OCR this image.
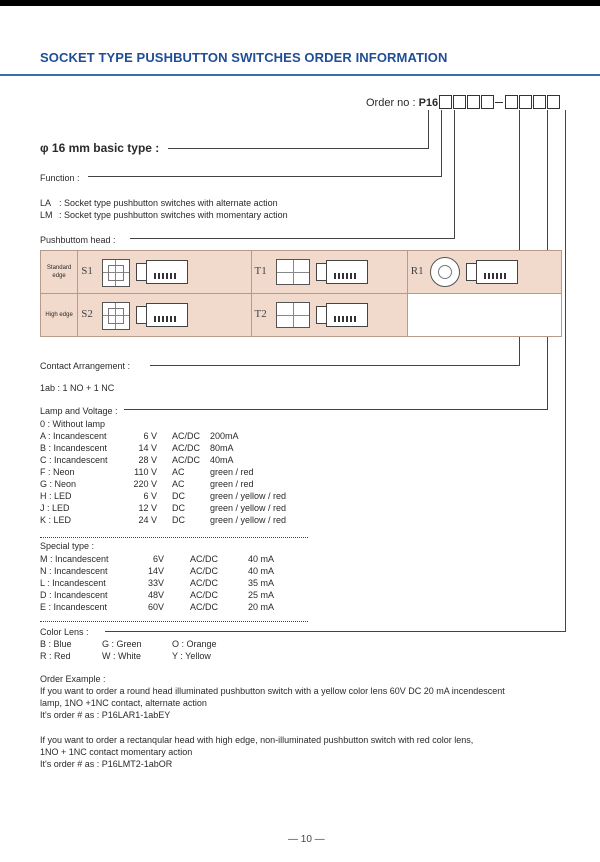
SOCKET TYPE PUSHBUTTON SWITCHES ORDER INFORMATION
Order no : P16
φ 16 mm basic type :
Function :
LA : Socket type pushbutton switches with alternate action
LM : Socket type pushbutton switches with momentary action
Pushbuttom head :
Standard edge	S1	T1	R1

High edge	S2	T2	

Contact Arrangement :
1ab : 1 NO + 1 NC
Lamp and Voltage :
0 : Without lamp
A : Incandescent	6 V AC/DC 200mA
B : Incandescent	14 V AC/DC 80mA
C : Incandescent	28 V AC/DC 40mA
F : Neon	110 V AC	green / red
G : Neon	220 V AC	green / red
H : LED	6 V DC	green / yellow / red
J : LED	12 V DC	green / yellow / red
K : LED	24 V DC	green / yellow / red
Special type :
M : Incandescent	6V	AC/DC	40 mA
N : Incandescent	14V	AC/DC	40 mA
L : Incandescent	33V	AC/DC	35 mA
D : Incandescent	48V	AC/DC	25 mA
E : Incandescent	60V	AC/DC	20 mA
Color Lens :
B : Blue	G : Green	O : Orange
R : Red	W : White	Y : Yellow
Order Example :
If you want to order a round head illuminated pushbutton switch with a yellow color lens 60V DC 20 mA incendescent
lamp, 1NO +1NC contact, alternate action
It's order # as : P16LAR1-1abEY
If you want to order a rectanqular head with high edge, non-illuminated pushbutton switch with red color lens,
1NO + 1NC contact momentary action
It's order # as : P16LMT2-1abOR
— 10 —
